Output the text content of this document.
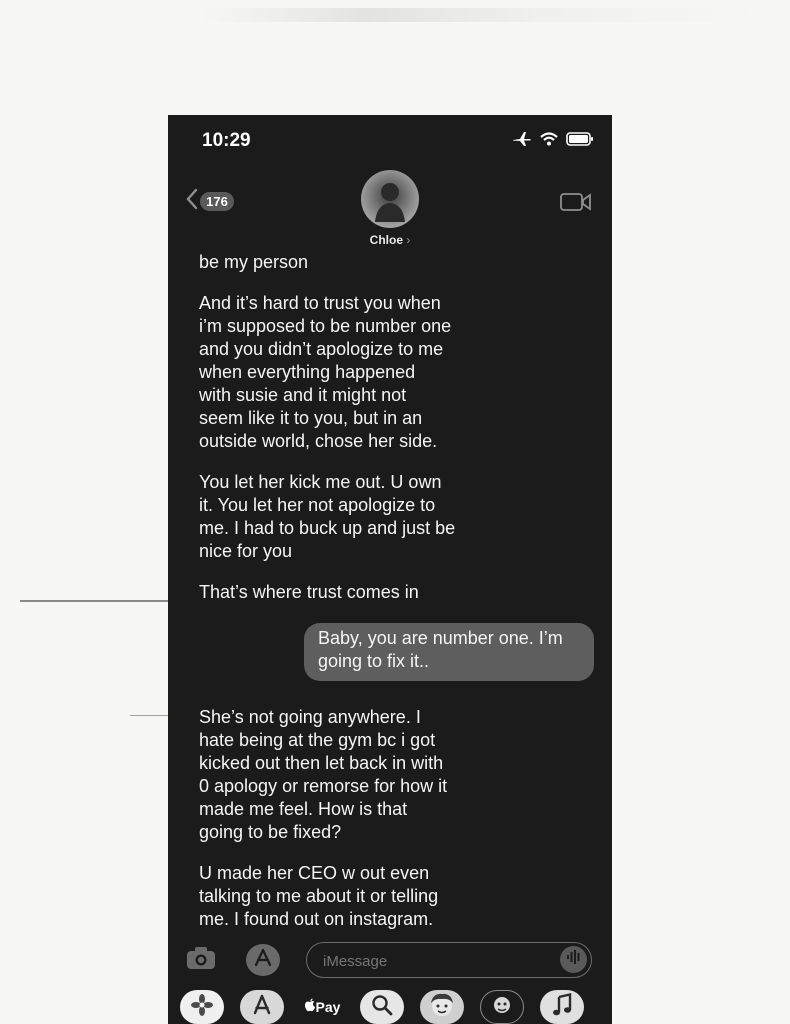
10:29
176
Chloe ›
be my person
And it’s hard to trust you when
i’m supposed to be number one
and you didn’t apologize to me
when everything happened
with susie and it might not
seem like it to you, but in an
outside world, chose her side.
You let her kick me out. U own
it. You let her not apologize to
me. I had to buck up and just be
nice for you
That’s where trust comes in
Baby, you are number one. I’m
going to fix it..
She’s not going anywhere. I
hate being at the gym bc i got
kicked out then let back in with
0 apology or remorse for how it
made me feel. How is that
going to be fixed?
U made her CEO w out even
talking to me about it or telling
me. I found out on instagram.
iMessage
Pay
